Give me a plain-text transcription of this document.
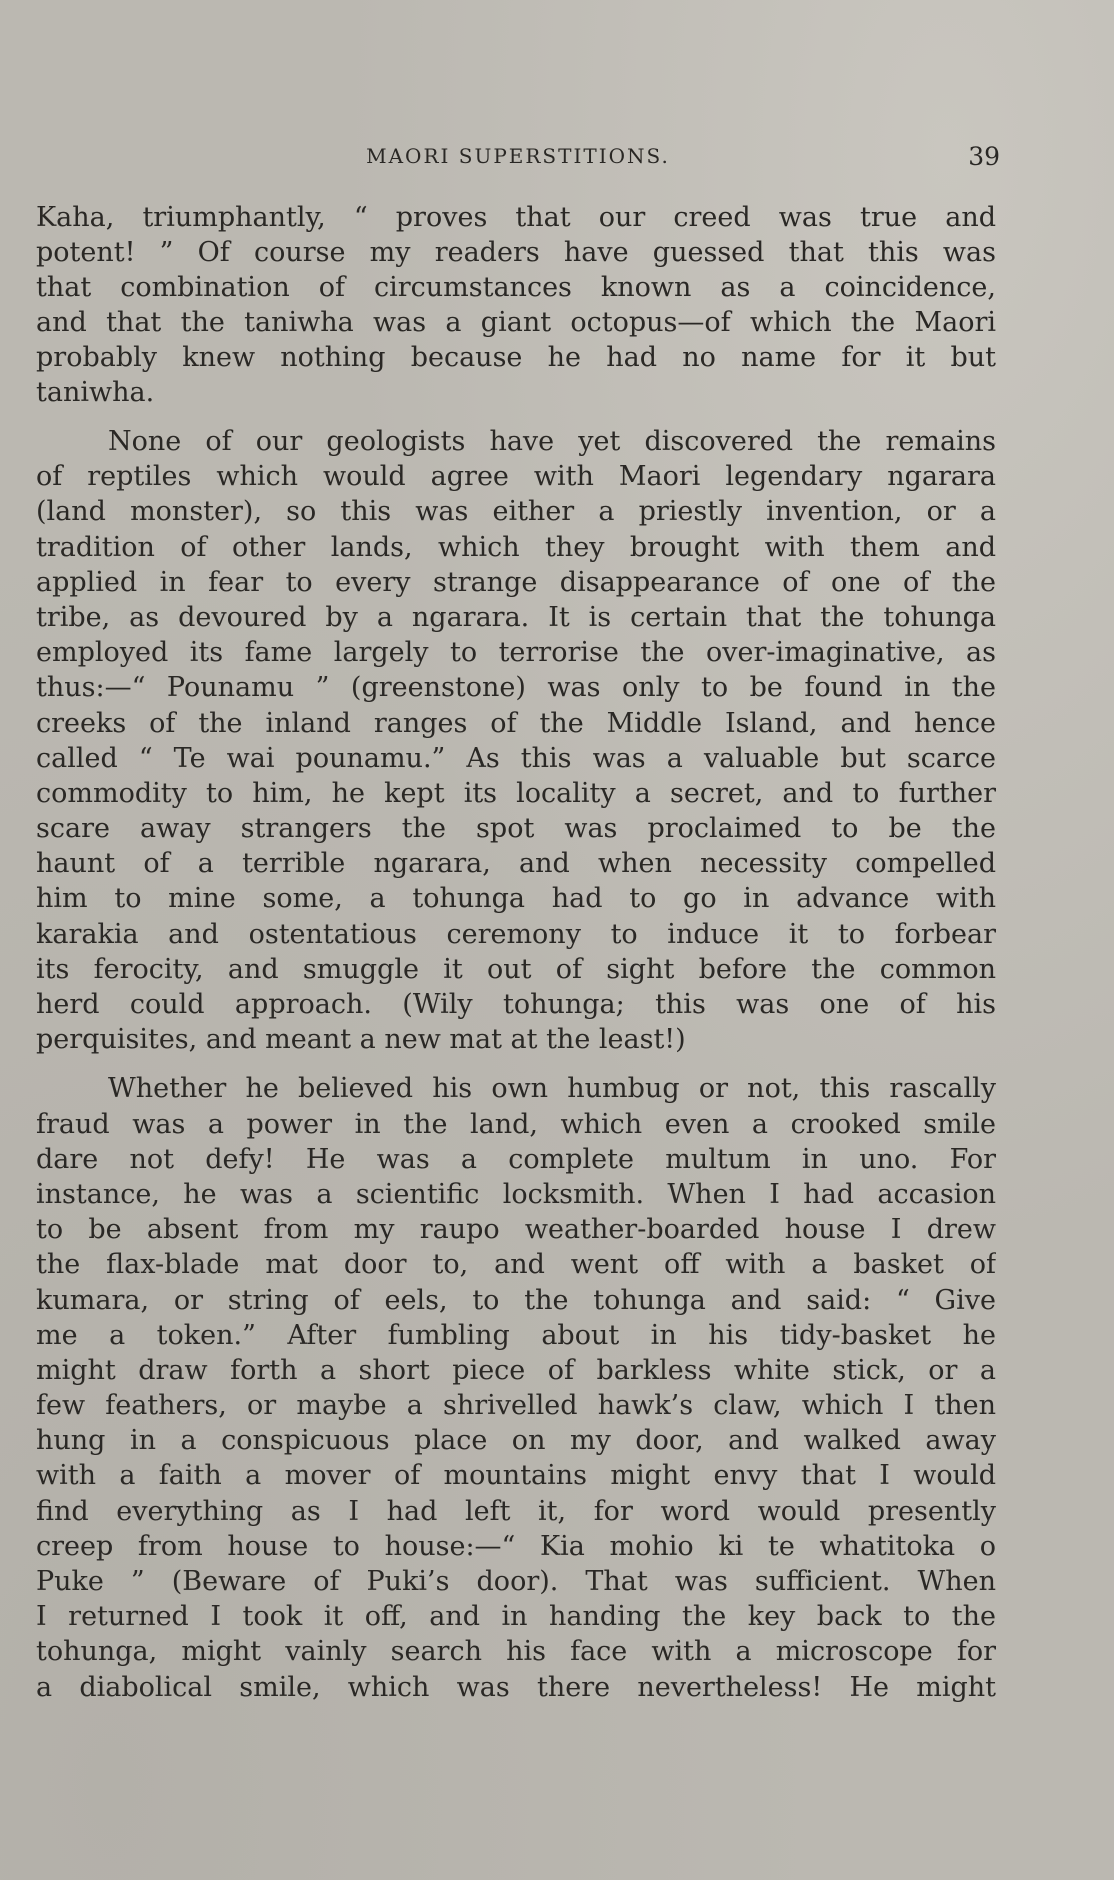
MAORI SUPERSTITIONS.	39
Kaha, triumphantly, “ proves that our creed was true and
potent! ” Of course my readers have guessed that this was
that combination of circumstances known as a coincidence,
and that the taniwha was a giant octopus—of which the Maori
probably knew nothing because he had no name for it but
taniwha.
None of our geologists have yet discovered the remains
of reptiles which would agree with Maori legendary ngarara
(land monster), so this was either a priestly invention, or a
tradition of other lands, which they brought with them and
applied in fear to every strange disappearance of one of the
tribe, as devoured by a ngarara. It is certain that the tohunga
employed its fame largely to terrorise the over-imaginative, as
thus:—“ Pounamu ” (greenstone) was only to be found in the
creeks of the inland ranges of the Middle Island, and hence
called “ Te wai pounamu.” As this was a valuable but scarce
commodity to him, he kept its locality a secret, and to further
scare away strangers the spot was proclaimed to be the
haunt of a terrible ngarara, and when necessity compelled
him to mine some, a tohunga had to go in advance with
karakia and ostentatious ceremony to induce it to forbear
its ferocity, and smuggle it out of sight before the common
herd could approach. (Wily tohunga; this was one of his
perquisites, and meant a new mat at the least!)
Whether he believed his own humbug or not, this rascally
fraud was a power in the land, which even a crooked smile
dare not defy! He was a complete multum in uno. For
instance, he was a scientific locksmith. When I had accasion
to be absent from my raupo weather-boarded house I drew
the flax-blade mat door to, and went off with a basket of
kumara, or string of eels, to the tohunga and said: “ Give
me a token.” After fumbling about in his tidy-basket he
might draw forth a short piece of barkless white stick, or a
few feathers, or maybe a shrivelled hawk’s claw, which I then
hung in a conspicuous place on my door, and walked away
with a faith a mover of mountains might envy that I would
find everything as I had left it, for word would presently
creep from house to house:—“ Kia mohio ki te whatitoka o
Puke ” (Beware of Puki’s door). That was sufficient. When
I returned I took it off, and in handing the key back to the
tohunga, might vainly search his face with a microscope for
a diabolical smile, which was there nevertheless! He might
